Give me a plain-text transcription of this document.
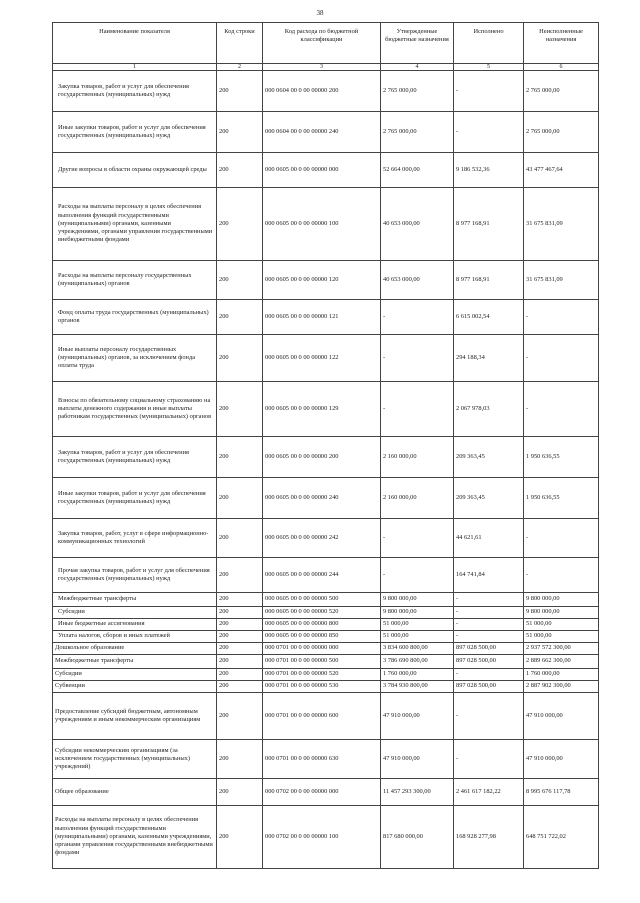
38
Наименование показателя	Код строки	Код расхода по бюджетной классификации	Утвержденные бюджетные назначения	Исполнено	Неисполненные назначения
1	2	3	4	5	6
Закупка товаров, работ и услуг для обеспечения государственных (муниципальных) нужд	200	000 0604 00 0 00 00000 200	2 765 000,00	-	2 765 000,00
Иные закупки товаров, работ и услуг для обеспечения государственных (муниципальных) нужд	200	000 0604 00 0 00 00000 240	2 765 000,00	-	2 765 000,00
Другие вопросы в области охраны окружающей среды	200	000 0605 00 0 00 00000 000	52 664 000,00	9 186 532,36	43 477 467,64
Расходы на выплаты персоналу в целях обеспечения выполнения функций государственными (муниципальными) органами, казенными учреждениями, органами управления государственными внебюджетными фондами	200	000 0605 00 0 00 00000 100	40 653 000,00	8 977 168,91	31 675 831,09
Расходы на выплаты персоналу государственных (муниципальных) органов	200	000 0605 00 0 00 00000 120	40 653 000,00	8 977 168,91	31 675 831,09
Фонд оплаты труда государственных (муниципальных) органов	200	000 0605 00 0 00 00000 121	-	6 615 002,54	-
Иные выплаты персоналу государственных (муниципальных) органов, за исключением фонда оплаты труда	200	000 0605 00 0 00 00000 122	-	294 188,34	-
Взносы по обязательному социальному страхованию на выплаты денежного содержания и иные выплаты работникам государственных (муниципальных) органов	200	000 0605 00 0 00 00000 129	-	2 067 978,03	-
Закупка товаров, работ и услуг для обеспечения государственных (муниципальных) нужд	200	000 0605 00 0 00 00000 200	2 160 000,00	209 363,45	1 950 636,55
Иные закупки товаров, работ и услуг для обеспечения государственных (муниципальных) нужд	200	000 0605 00 0 00 00000 240	2 160 000,00	209 363,45	1 950 636,55
Закупка товаров, работ, услуг в сфере информационно-коммуникационных технологий	200	000 0605 00 0 00 00000 242	-	44 621,61	-
Прочая закупка товаров, работ и услуг для обеспечения государственных (муниципальных) нужд	200	000 0605 00 0 00 00000 244	-	164 741,84	-
Межбюджетные трансферты	200	000 0605 00 0 00 00000 500	9 800 000,00	-	9 800 000,00
Субсидии	200	000 0605 00 0 00 00000 520	9 800 000,00	-	9 800 000,00
Иные бюджетные ассигнования	200	000 0605 00 0 00 00000 800	51 000,00	-	51 000,00
Уплата налогов, сборов и иных платежей	200	000 0605 00 0 00 00000 850	51 000,00	-	51 000,00
Дошкольное образование	200	000 0701 00 0 00 00000 000	3 834 600 800,00	897 028 500,00	2 937 572 300,00
Межбюджетные трансферты	200	000 0701 00 0 00 00000 500	3 786 690 800,00	897 028 500,00	2 889 662 300,00
Субсидии	200	000 0701 00 0 00 00000 520	1 760 000,00	-	1 760 000,00
Субвенции	200	000 0701 00 0 00 00000 530	3 784 930 800,00	897 028 500,00	2 887 902 300,00
Предоставление субсидий бюджетным, автономным учреждениям и иным некоммерческим организациям	200	000 0701 00 0 00 00000 600	47 910 000,00	-	47 910 000,00
Субсидии некоммерческим организациям (за исключением государственных (муниципальных) учреждений)	200	000 0701 00 0 00 00000 630	47 910 000,00	-	47 910 000,00
Общее образование	200	000 0702 00 0 00 00000 000	11 457 293 300,00	2 461 617 182,22	8 995 676 117,78
Расходы на выплаты персоналу в целях обеспечения выполнения функций государственными (муниципальными) органами, казенными учреждениями, органами управления государственными внебюджетными фондами	200	000 0702 00 0 00 00000 100	817 680 000,00	168 928 277,98	648 751 722,02
